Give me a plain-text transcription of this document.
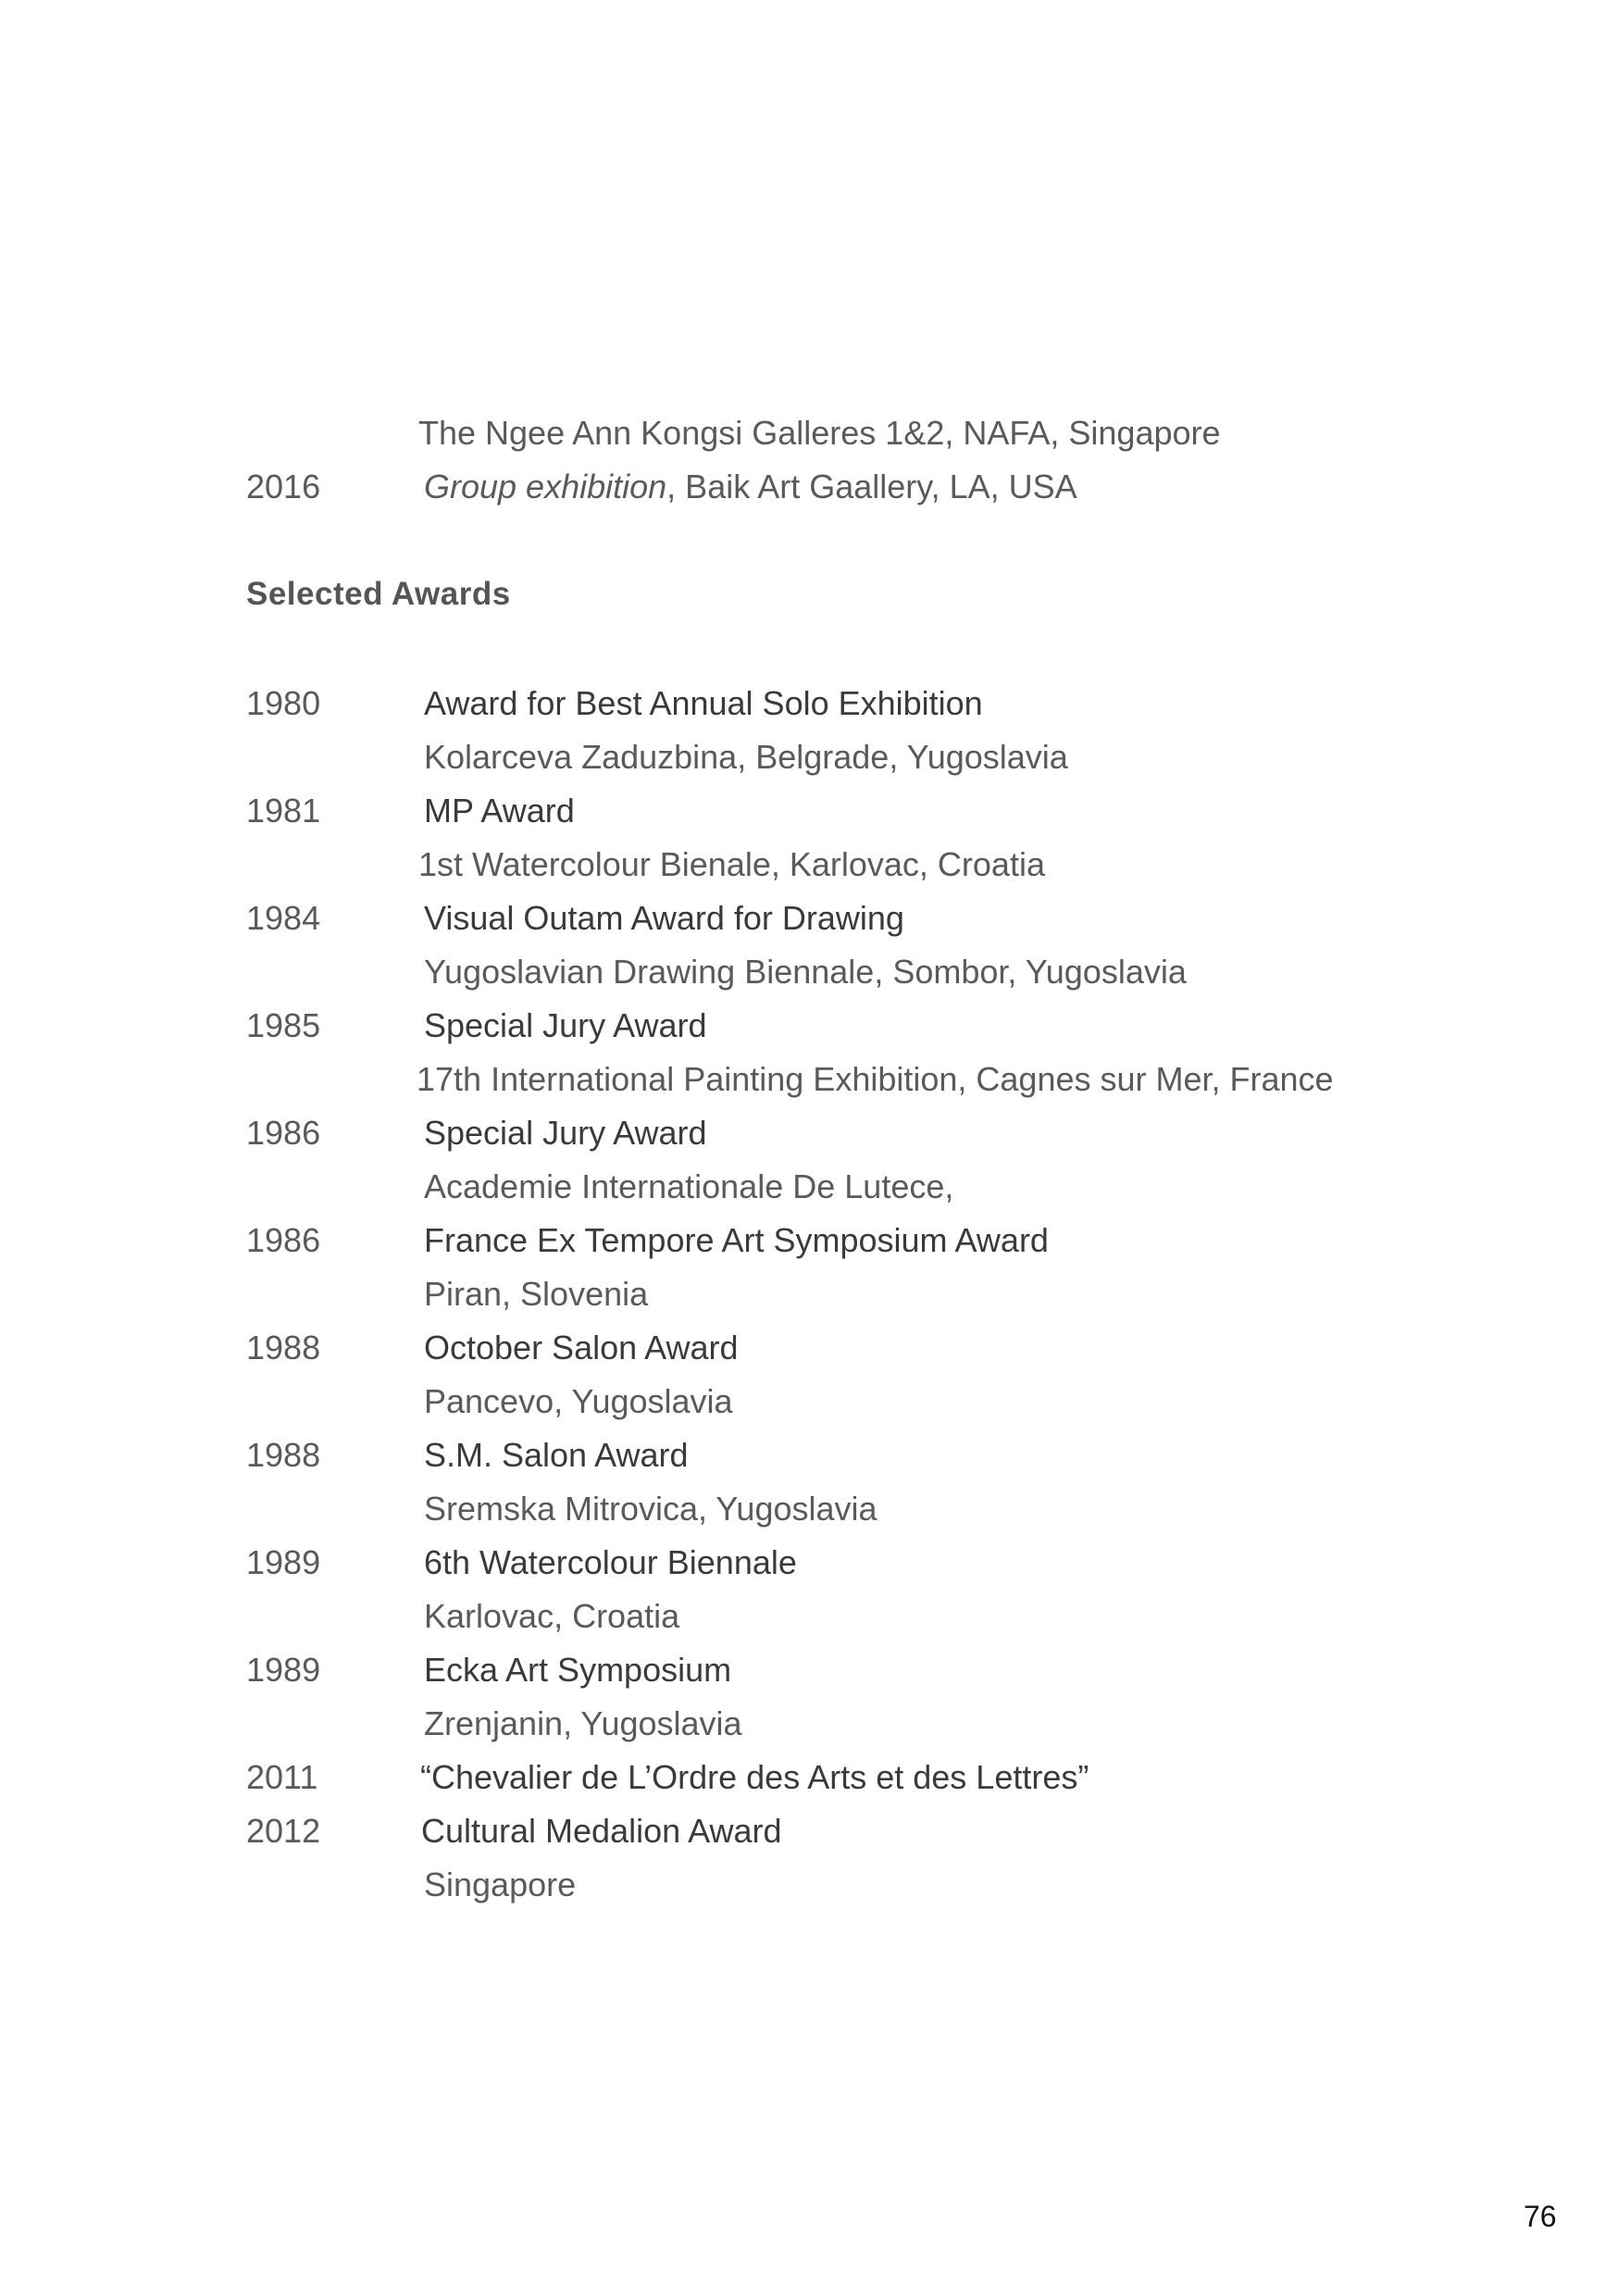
The Ngee Ann Kongsi Galleres 1&2, NAFA, Singapore
2016	Group exhibition, Baik Art Gaallery, LA, USA
Selected Awards
1980	Award for Best Annual Solo Exhibition
Kolarceva Zaduzbina, Belgrade, Yugoslavia
1981	MP Award
1st Watercolour Bienale, Karlovac, Croatia
1984	Visual Outam Award for Drawing
Yugoslavian Drawing Biennale, Sombor, Yugoslavia
1985	Special Jury Award
17th International Painting Exhibition, Cagnes sur Mer, France
1986	Special Jury Award
Academie Internationale De Lutece,
1986	France Ex Tempore Art Symposium Award
Piran, Slovenia
1988	October Salon Award
Pancevo, Yugoslavia
1988	S.M. Salon Award
Sremska Mitrovica, Yugoslavia
1989	6th Watercolour Biennale
Karlovac, Croatia
1989	Ecka Art Symposium
Zrenjanin, Yugoslavia
2011	“Chevalier de L’Ordre des Arts et des Lettres”
2012	Cultural Medalion Award
Singapore
76
